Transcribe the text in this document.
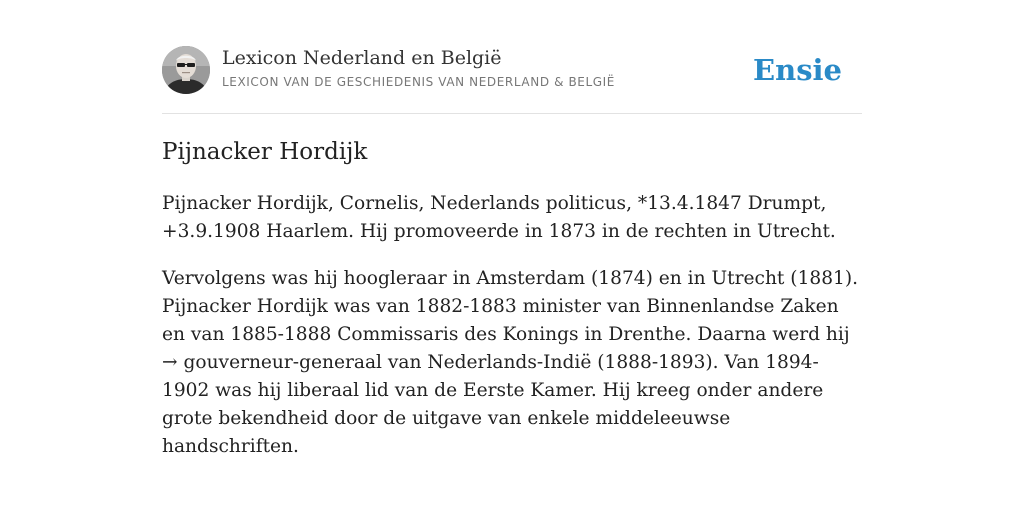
Lexicon Nederland en België
LEXICON VAN DE GESCHIEDENIS VAN NEDERLAND & BELGIË	Ensie
Pijnacker Hordijk

Pijnacker Hordijk, Cornelis, Nederlands politicus, *13.4.1847 Drumpt, +3.9.1908 Haarlem. Hij promoveerde in 1873 in de rechten in Utrecht.

Vervolgens was hij hoogleraar in Amsterdam (1874) en in Utrecht (1881). Pijnacker Hordijk was van 1882-1883 minister van Binnenlandse Zaken en van 1885-1888 Commissaris des Konings in Drenthe. Daarna werd hij → gouverneur-generaal van Nederlands-Indië (1888-1893). Van 1894-1902 was hij liberaal lid van de Eerste Kamer. Hij kreeg onder andere grote bekendheid door de uitgave van enkele middeleeuwse handschriften.
